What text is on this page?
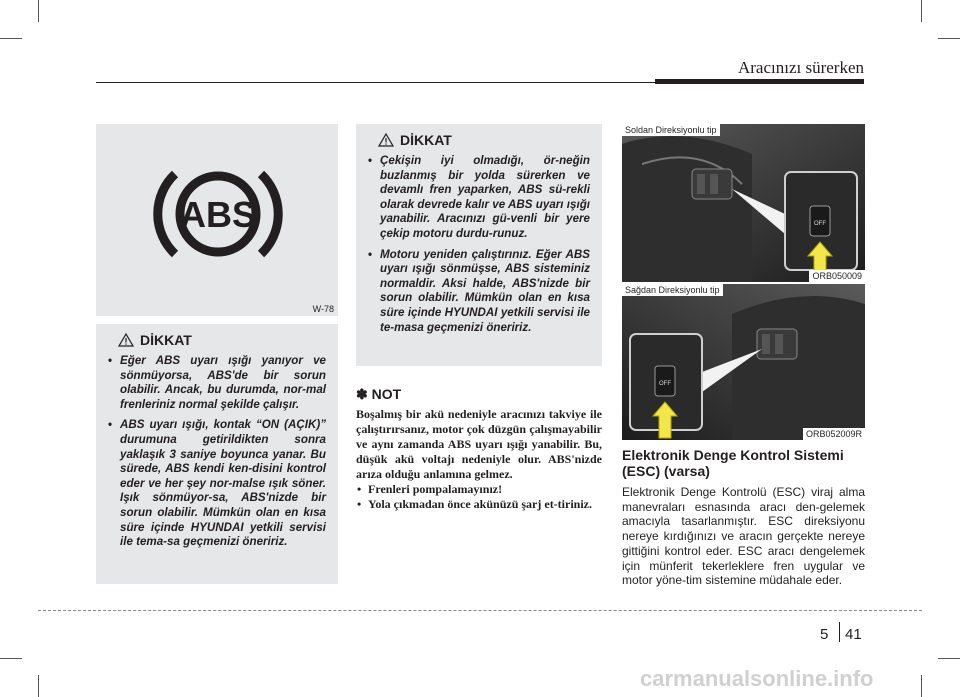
Aracınızı sürerken
ABS
W-78
DİKKAT
• Eğer ABS uyarı ışığı yanıyor ve sönmüyorsa, ABS'de bir sorun olabilir. Ancak, bu durumda, nor-mal frenleriniz normal şekilde çalışır.
• ABS uyarı ışığı, kontak “ON (AÇIK)” durumuna getirildikten sonra yaklaşık 3 saniye boyunca yanar. Bu sürede, ABS kendi ken-disini kontrol eder ve her şey nor-malse ışık söner. Işık sönmüyor-sa, ABS'nizde bir sorun olabilir. Mümkün olan en kısa süre içinde HYUNDAI yetkili servisi ile tema-sa geçmenizi öneririz.
DİKKAT
• Çekişin iyi olmadığı, ör-neğin buzlanmış bir yolda sürerken ve devamlı fren yaparken, ABS sü-rekli olarak devrede kalır ve ABS uyarı ışığı yanabilir. Aracınızı gü-venli bir yere çekip motoru durdu-runuz.
• Motoru yeniden çalıştırınız. Eğer ABS uyarı ışığı sönmüşse, ABS sisteminiz normaldir. Aksi halde, ABS'nizde bir sorun olabilir. Mümkün olan en kısa süre içinde HYUNDAI yetkili servisi ile te-masa geçmenizi öneririz.
✽ NOT
Boşalmış bir akü nedeniyle aracınızı takviye ile çalıştırırsanız, motor çok düzgün çalışmayabilir ve aynı zamanda ABS uyarı ışığı yanabilir. Bu, düşük akü voltajı nedeniyle olur. ABS'nizde arıza olduğu anlamına gelmez.
• Frenleri pompalamayınız!
• Yola çıkmadan önce akünüzü şarj et-tiriniz.
OFF
Soldan Direksiyonlu tip
ORB050009
OFF
Sağdan Direksiyonlu tip
ORB052009R
Elektronik Denge Kontrol Sistemi (ESC) (varsa)
Elektronik Denge Kontrolü (ESC) viraj alma manevraları esnasında aracı den-gelemek amacıyla tasarlanmıştır. ESC direksiyonu nereye kırdığınızı ve aracın gerçekte nereye gittiğini kontrol eder. ESC aracı dengelemek için münferit tekerleklere fren uygular ve motor yöne-tim sistemine müdahale eder.
5 41
carmanualsonline.info
